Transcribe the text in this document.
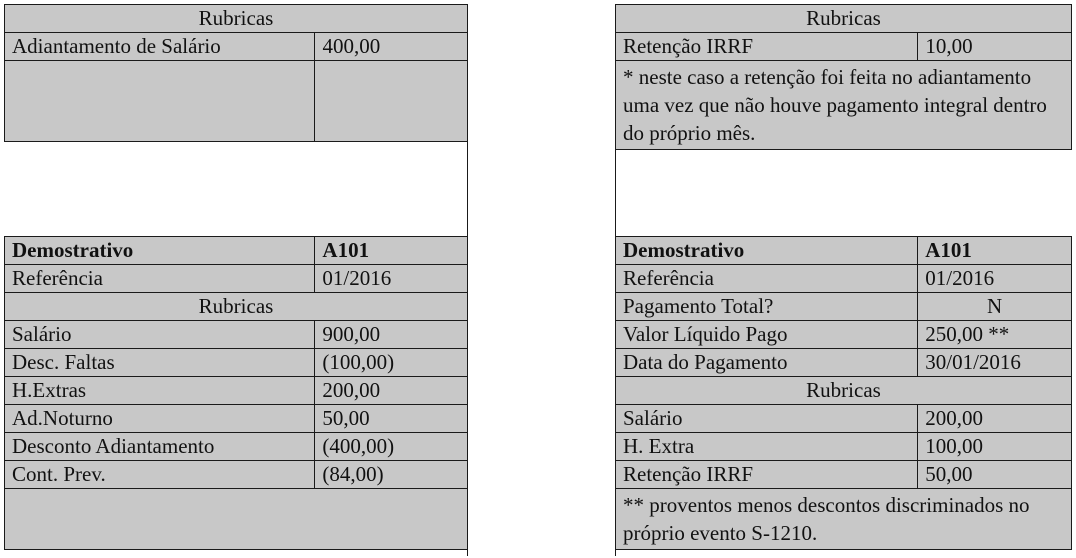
Rubricas	
Adiantamento de Salário	400,00

Rubricas
Retenção IRRF	10,00
* neste caso a retenção foi feita no adiantamento uma vez que não houve pagamento integral dentro do próprio mês.
Demostrativo	A101
Referência	01/2016
Rubricas	
Salário	900,00
Desc. Faltas	(100,00)
H.Extras	200,00
Ad.Noturno	50,00
Desconto Adiantamento	(400,00)
Cont. Prev.	(84,00)

Demostrativo	A101
Referência	01/2016
Pagamento Total?	N
Valor Líquido Pago	250,00 **
Data do Pagamento	30/01/2016
Rubricas	
Salário	200,00
H. Extra	100,00
Retenção IRRF	50,00
** proventos menos descontos discriminados no próprio evento S-1210.	
